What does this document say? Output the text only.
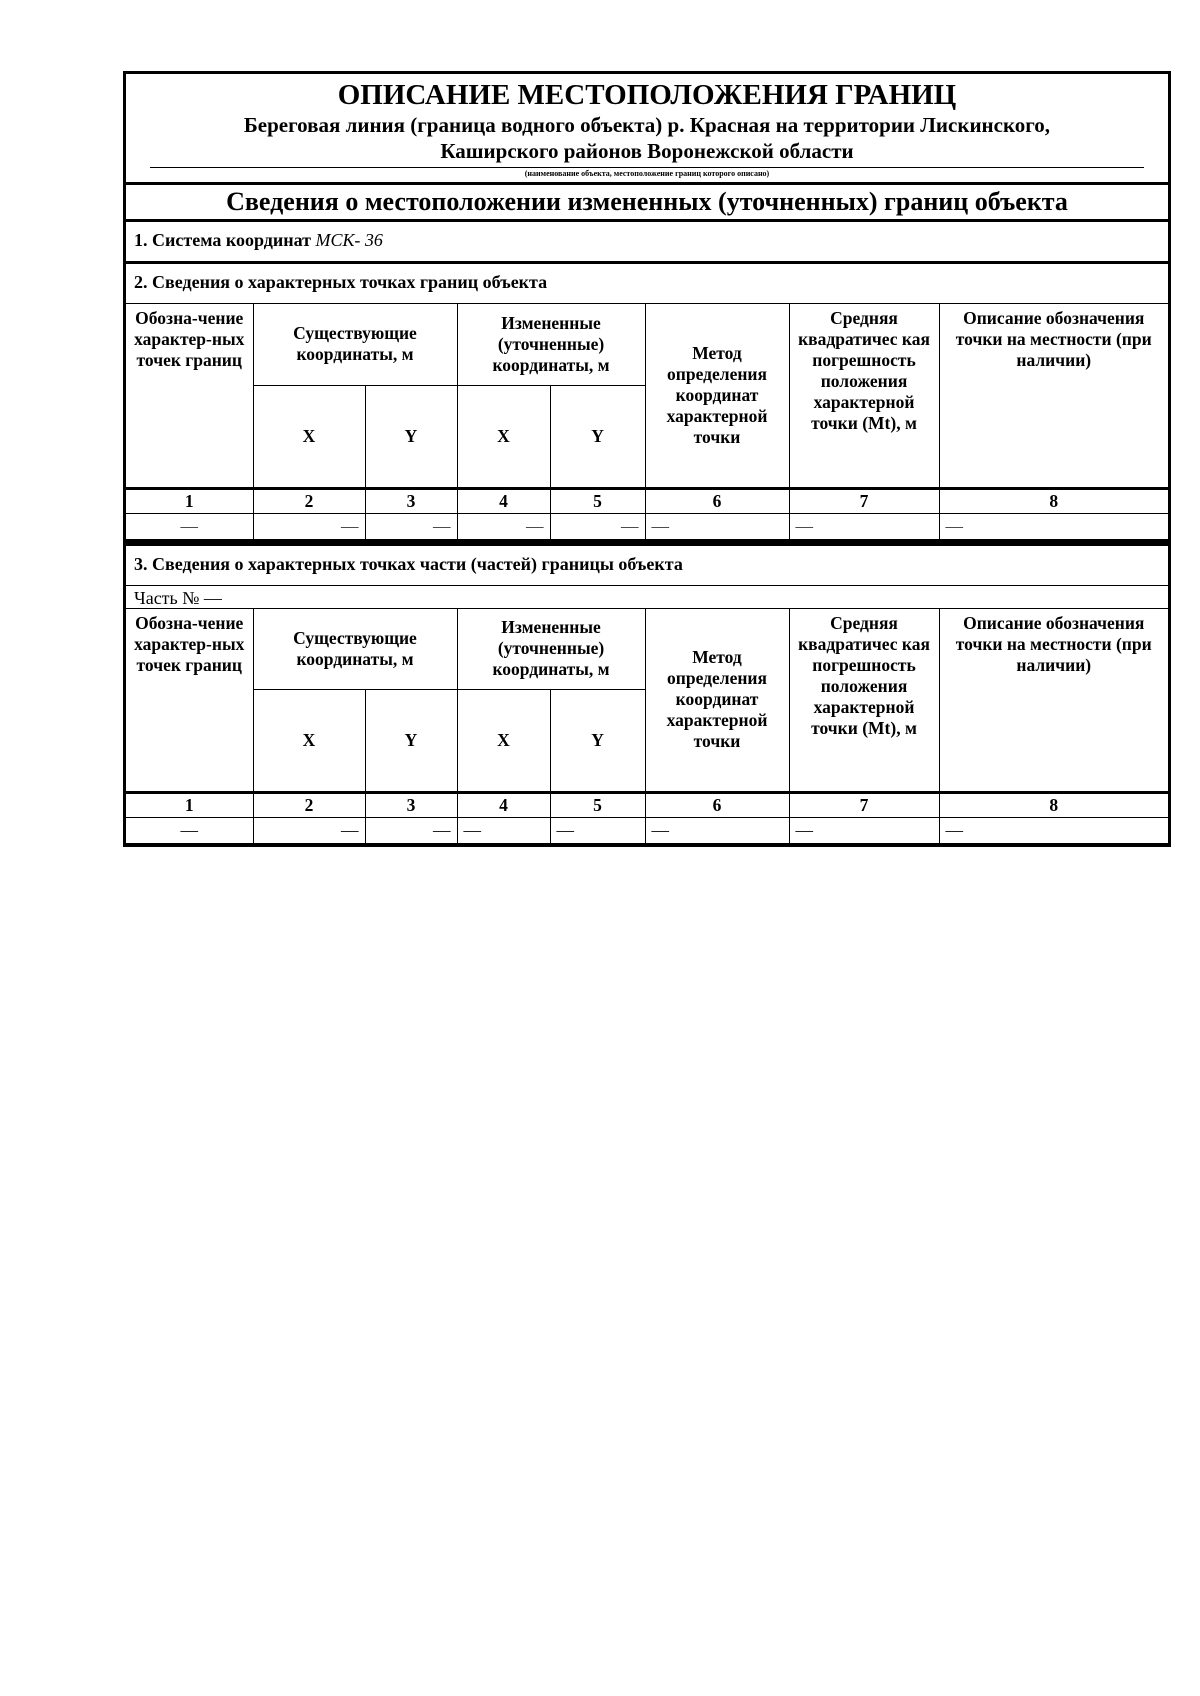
ОПИСАНИЕ МЕСТОПОЛОЖЕНИЯ ГРАНИЦ
Береговая линия (граница водного объекта) р. Красная на территории Лискинского,
Каширского районов Воронежской области
(наименование объекта, местоположение границ которого описано)
Сведения о местоположении измененных (уточненных) границ объекта
1. Система координат МСК- 36
2. Сведения о характерных точках границ объекта
Обозна-чение характер-ных точек границ	Существующие координаты, м		Измененные (уточненные) координаты, м		Метод определения координат характерной точки	Средняя квадратичес кая погрешность положения характерной точки (Mt), м	Описание обозначения точки на местности (при наличии)
	X	Y	X	Y			
1	2	3	4	5	6	7	8
—	—	—	—	—	—	—	—
3. Сведения о характерных точках части (частей) границы объекта
Часть № —
Обозна-чение характер-ных точек границ	Существующие координаты, м		Измененные (уточненные) координаты, м		Метод определения координат характерной точки	Средняя квадратичес кая погрешность положения характерной точки (Mt), м	Описание обозначения точки на местности (при наличии)
	X	Y	X	Y			
1	2	3	4	5	6	7	8
—	—	—	—	—	—	—	—
